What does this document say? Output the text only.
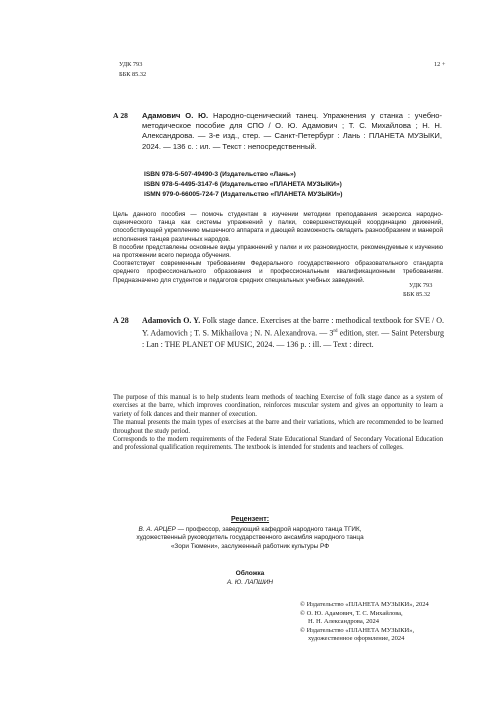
УДК 793
ББК 85.32
12 +
А 28 Адамович О. Ю. Народно-сценический танец. Упражнения у станка : учебно-методическое пособие для СПО / О. Ю. Адамович ; Т. С. Михайлова ; Н. Н. Александрова. — 3-е изд., стер. — Санкт-Петербург : Лань : ПЛАНЕТА МУЗЫКИ, 2024. — 136 с. : ил. — Текст : непосредственный.
ISBN 978-5-507-49490-3 (Издательство «Лань»)
ISBN 978-5-4495-3147-6 (Издательство «ПЛАНЕТА МУЗЫКИ»)
ISMN 979-0-66005-724-7 (Издательство «ПЛАНЕТА МУЗЫКИ»)

Цель данного пособия — помочь студентам в изучении методики преподавания экзерсиса народно-сценического танца как системы упражнений у палки, совершенствующей координацию движений, способствующей укреплению мышечного аппарата и дающей возможность овладеть разнообразием и манерой исполнения танцев различных народов.

В пособии представлены основные виды упражнений у палки и их разновидности, рекомендуемые к изучению на протяжении всего периода обучения.

Соответствует современным требованиям Федерального государственного образовательного стандарта среднего профессионального образования и профессиональным квалификационным требованиям. Предназначено для студентов и педагогов средних специальных учебных заведений.

УДК 793
ББК 85.32
А 28 Adamovich O. Y. Folk stage dance. Exercises at the barre : methodical textbook for SVE / O. Y. Adamovich ; T. S. Mikhailova ; N. N. Alexandrova. — 3rd edition, ster. — Saint Petersburg : Lan : THE PLANET OF MUSIC, 2024. — 136 p. : ill. — Text : direct.

The purpose of this manual is to help students learn methods of teaching Exercise of folk stage dance as a system of exercises at the barre, which improves coordination, reinforces muscular system and gives an opportunity to learn a variety of folk dances and their manner of execution.

The manual presents the main types of exercises at the barre and their variations, which are recommended to be learned throughout the study period.

Corresponds to the modern requirements of the Federal State Educational Standard of Secondary Vocational Education and professional qualification requirements. The textbook is intended for students and teachers of colleges.

Рецензент:
В. А. АРЦЕР — профессор, заведующий кафедрой народного танца ТГИК,
художественный руководитель государственного ансамбля народного танца
«Зори Тюмени», заслуженный работник культуры РФ
Обложка
А. Ю. ЛАПШИН
© Издательство «ПЛАНЕТА МУЗЫКИ», 2024
© О. Ю. Адамович, Т. С. Михайлова,
Н. Н. Александрова, 2024
© Издательство «ПЛАНЕТА МУЗЫКИ»,
художественное оформление, 2024
